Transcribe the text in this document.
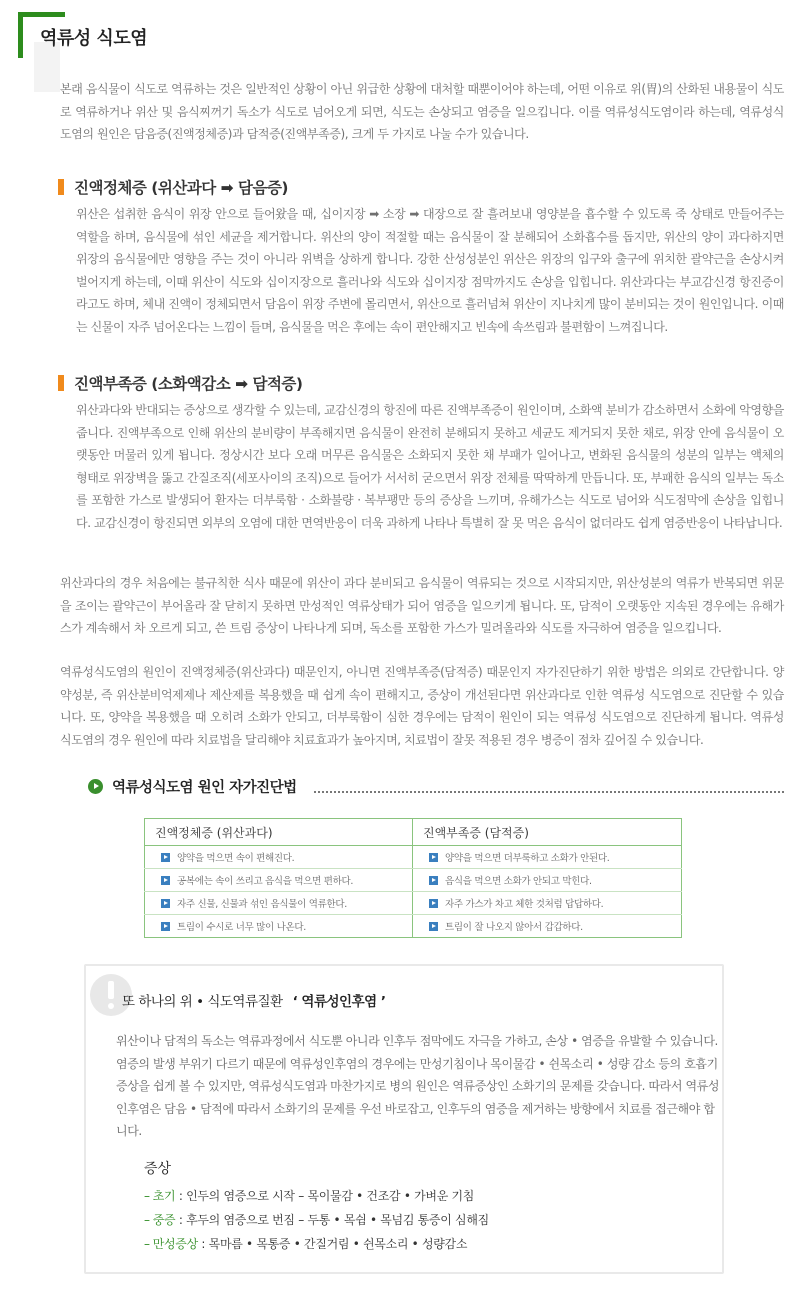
역류성 식도염

본래 음식물이 식도로 역류하는 것은 일반적인 상황이 아닌 위급한 상황에 대처할 때뿐이어야 하는데, 어떤 이유로 위(胃)의 산화된 내용물이 식도로 역류하거나 위산 및 음식찌꺼기 독소가 식도로 넘어오게 되면, 식도는 손상되고 염증을 일으킵니다. 이를 역류성식도염이라 하는데, 역류성식도염의 원인은 담음증(진액정체증)과 담적증(진액부족증), 크게 두 가지로 나눌 수가 있습니다.

진액정체증 (위산과다 ➡ 담음증)

위산은 섭취한 음식이 위장 안으로 들어왔을 때, 십이지장 ➡ 소장 ➡ 대장으로 잘 흘려보내 영양분을 흡수할 수 있도록 죽 상태로 만들어주는 역할을 하며, 음식물에 섞인 세균을 제거합니다. 위산의 양이 적절할 때는 음식물이 잘 분해되어 소화흡수를 돕지만, 위산의 양이 과다하지면 위장의 음식물에만 영향을 주는 것이 아니라 위벽을 상하게 합니다. 강한 산성성분인 위산은 위장의 입구와 출구에 위치한 괄약근을 손상시켜 벌어지게 하는데, 이때 위산이 식도와 십이지장으로 흘러나와 식도와 십이지장 점막까지도 손상을 입힙니다. 위산과다는 부교감신경 항진증이라고도 하며, 체내 진액이 정체되면서 담음이 위장 주변에 몰리면서, 위산으로 흘러넘쳐 위산이 지나치게 많이 분비되는 것이 원인입니다. 이때는 신물이 자주 넘어온다는 느낌이 들며, 음식물을 먹은 후에는 속이 편안해지고 빈속에 속쓰림과 불편함이 느껴집니다.

진액부족증 (소화액감소 ➡ 담적증)

위산과다와 반대되는 증상으로 생각할 수 있는데, 교감신경의 항진에 따른 진액부족증이 원인이며, 소화액 분비가 감소하면서 소화에 악영향을 줍니다. 진액부족으로 인해 위산의 분비량이 부족해지면 음식물이 완전히 분해되지 못하고 세균도 제거되지 못한 채로, 위장 안에 음식물이 오랫동안 머물러 있게 됩니다. 정상시간 보다 오래 머무른 음식물은 소화되지 못한 채 부패가 일어나고, 변화된 음식물의 성분의 일부는 액체의 형태로 위장벽을 뚫고 간질조직(세포사이의 조직)으로 들어가 서서히 굳으면서 위장 전체를 딱딱하게 만듭니다. 또, 부패한 음식의 일부는 독소를 포함한 가스로 발생되어 환자는 더부룩함 · 소화불량 · 복부팽만 등의 증상을 느끼며, 유해가스는 식도로 넘어와 식도점막에 손상을 입힙니다. 교감신경이 항진되면 외부의 오염에 대한 면역반응이 더욱 과하게 나타나 특별히 잘 못 먹은 음식이 없더라도 쉽게 염증반응이 나타납니다.

위산과다의 경우 처음에는 불규칙한 식사 때문에 위산이 과다 분비되고 음식물이 역류되는 것으로 시작되지만, 위산성분의 역류가 반복되면 위문을 조이는 괄약근이 부어올라 잘 닫히지 못하면 만성적인 역류상태가 되어 염증을 일으키게 됩니다. 또, 담적이 오랫동안 지속된 경우에는 유해가스가 계속해서 차 오르게 되고, 쓴 트림 증상이 나타나게 되며, 독소를 포함한 가스가 밀려올라와 식도를 자극하여 염증을 일으킵니다.

역류성식도염의 원인이 진액정체증(위산과다) 때문인지, 아니면 진액부족증(담적증) 때문인지 자가진단하기 위한 방법은 의외로 간단합니다. 양약성분, 즉 위산분비억제제나 제산제를 복용했을 때 쉽게 속이 편해지고, 증상이 개선된다면 위산과다로 인한 역류성 식도염으로 진단할 수 있습니다. 또, 양약을 복용했을 때 오히려 소화가 안되고, 더부룩함이 심한 경우에는 담적이 원인이 되는 역류성 식도염으로 진단하게 됩니다. 역류성식도염의 경우 원인에 따라 치료법을 달리해야 치료효과가 높아지며, 치료법이 잘못 적용된 경우 병증이 점차 깊어질 수 있습니다.

역류성식도염 원인 자가진단법
진액정체증 (위산과다)	진액부족증 (담적증)
양약을 먹으면 속이 편해진다.	양약을 먹으면 더부룩하고 소화가 안된다.
공복에는 속이 쓰리고 음식을 먹으면 편하다.	음식을 먹으면 소화가 안되고 막힌다.
자주 신물, 신물과 섞인 음식물이 역류한다.	자주 가스가 차고 체한 것처럼 답답하다.
트림이 수시로 너무 많이 나온다.	트림이 잘 나오지 않아서 갑갑하다.
또 하나의 위 • 식도역류질환 ‘ 역류성인후염 ’

위산이나 담적의 독소는 역류과정에서 식도뿐 아니라 인후두 점막에도 자극을 가하고, 손상 • 염증을 유발할 수 있습니다. 염증의 발생 부위기 다르기 때문에 역류성인후염의 경우에는 만성기침이나 목이물감 • 쉰목소리 • 성량 감소 등의 호흡기 증상을 쉽게 볼 수 있지만, 역류성식도염과 마찬가지로 병의 원인은 역류증상인 소화기의 문제를 갖습니다. 따라서 역류성인후염은 담음 • 담적에 따라서 소화기의 문제를 우선 바로잡고, 인후두의 염증을 제거하는 방향에서 치료를 접근해야 합니다.

증상
– 초기 : 인두의 염증으로 시작 – 목이물감 • 건조감 • 가벼운 기침
– 중증 : 후두의 염증으로 번짐 – 두통 • 목쉼 • 목넘김 통증이 심해짐
– 만성증상 : 목마름 • 목통증 • 간질거림 • 쉰목소리 • 성량감소
